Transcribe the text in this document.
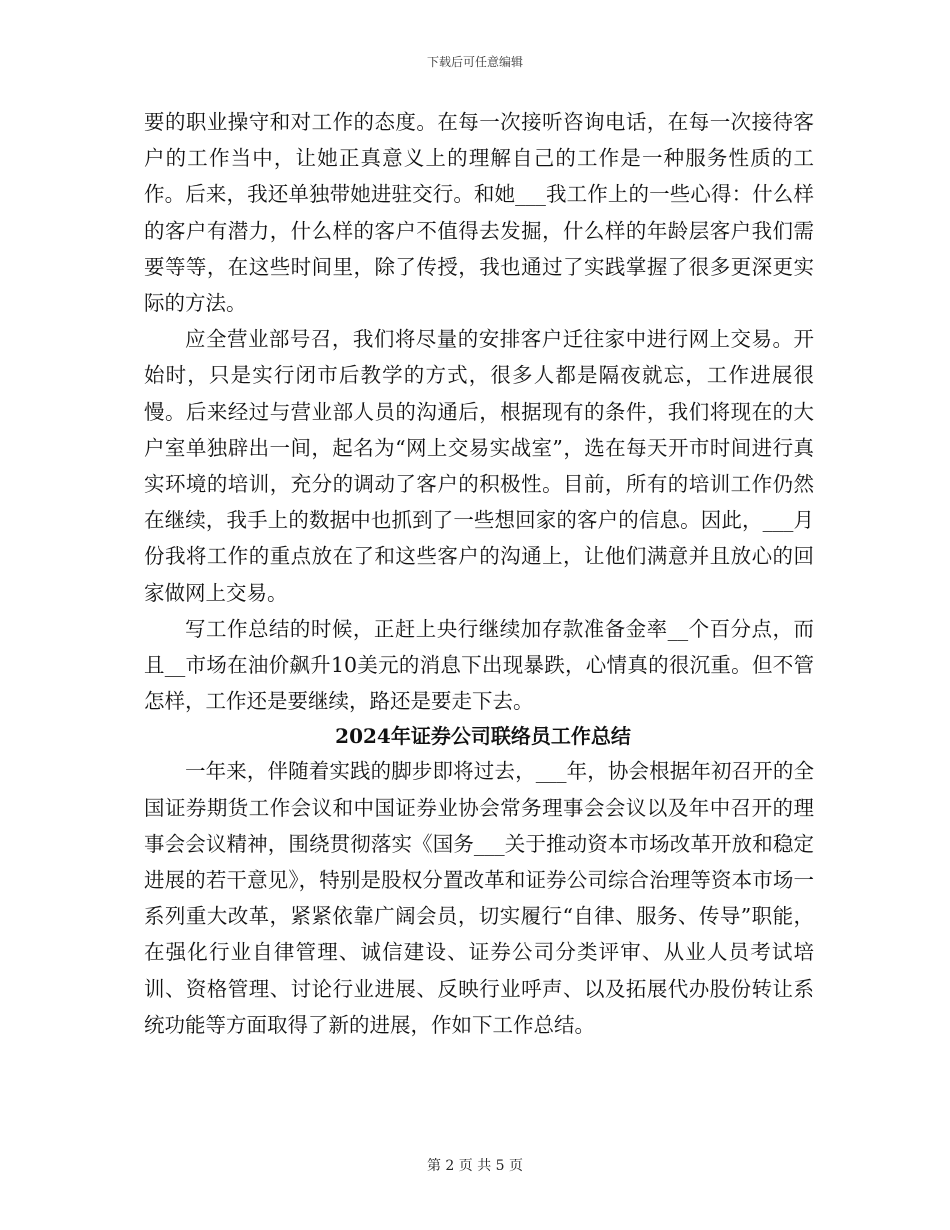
下载后可任意编辑

要的职业操守和对工作的态度。在每一次接听咨询电话，在每一次接待客户的工作当中，让她正真意义上的理解自己的工作是一种服务性质的工作。后来，我还单独带她进驻交行。和她___我工作上的一些心得：什么样的客户有潜力，什么样的客户不值得去发掘，什么样的年龄层客户我们需要等等，在这些时间里，除了传授，我也通过了实践掌握了很多更深更实际的方法。

应全营业部号召，我们将尽量的安排客户迁往家中进行网上交易。开始时，只是实行闭市后教学的方式，很多人都是隔夜就忘，工作进展很慢。后来经过与营业部人员的沟通后，根据现有的条件，我们将现在的大户室单独辟出一间，起名为“网上交易实战室”，选在每天开市时间进行真实环境的培训，充分的调动了客户的积极性。目前，所有的培训工作仍然在继续，我手上的数据中也抓到了一些想回家的客户的信息。因此，___月份我将工作的重点放在了和这些客户的沟通上，让他们满意并且放心的回家做网上交易。

写工作总结的时候，正赶上央行继续加存款准备金率__个百分点，而且__市场在油价飙升10美元的消息下出现暴跌，心情真的很沉重。但不管怎样，工作还是要继续，路还是要走下去。

2024年证券公司联络员工作总结

一年来，伴随着实践的脚步即将过去，___年，协会根据年初召开的全国证券期货工作会议和中国证券业协会常务理事会会议以及年中召开的理事会会议精神，围绕贯彻落实《国务___关于推动资本市场改革开放和稳定进展的若干意见》，特别是股权分置改革和证券公司综合治理等资本市场一系列重大改革，紧紧依靠广阔会员，切实履行“自律、服务、传导”职能，在强化行业自律管理、诚信建设、证券公司分类评审、从业人员考试培训、资格管理、讨论行业进展、反映行业呼声、以及拓展代办股份转让系统功能等方面取得了新的进展，作如下工作总结。

第 2 页 共 5 页
